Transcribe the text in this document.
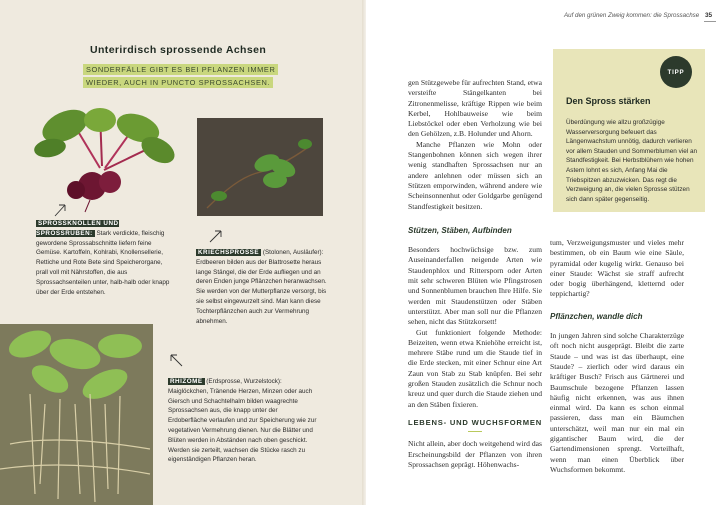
Unterirdisch sprossende Achsen
SONDERFÄLLE GIBT ES BEI PFLANZEN IMMER WIEDER, AUCH IN PUNCTO SPROSSACHSEN.
SPROSSKNOLLEN UND SPROSSRÜBEN: Stark verdickte, fleischig gewordene Sprossabschnitte liefern feine Gemüse. Kartoffeln, Kohlrabi, Knollensellerie, Rettiche und Rote Bete sind Speicherorgane, prall voll mit Nährstoffen, die aus Sprossachsenteilen unter, halb-halb oder knapp über der Erde entstehen.
KRIECHSPROSSE (Stolonen, Ausläufer): Erdbeeren bilden aus der Blattrosette heraus lange Stängel, die der Erde aufliegen und an deren Enden junge Pflänzchen heranwachsen. Sie werden von der Mutterpflanze versorgt, bis sie selbst eingewurzelt sind. Man kann diese Tochterpflänzchen auch zur Vermehrung abnehmen.
RHIZOME (Erdsprosse, Wurzelstock): Maiglöckchen, Tränende Herzen, Minzen oder auch Giersch und Schachtelhalm bilden waagrechte Sprossachsen aus, die knapp unter der Erdoberfläche verlaufen und zur Speicherung wie zur vegetativen Vermehrung dienen. Nur die Blätter und Blüten werden in Abständen nach oben geschickt. Werden sie zerteilt, wachsen die Stücke rasch zu eigenständigen Pflanzen heran.
Auf den grünen Zweig kommen: die Sprossachse 35

gen Stützgewebe für aufrechten Stand, etwa versteifte Stängelkanten bei Zitronenmelisse, kräftige Rippen wie beim Kerbel, Hohlbauweise wie beim Liebstöckel oder eben Verholzung wie bei den Gehölzen, z.B. Holunder und Ahorn.

Manche Pflanzen wie Mohn oder Stangenbohnen können sich wegen ihrer wenig standhaften Sprossachsen nur an andere anlehnen oder müssen sich an Stützen emporwinden, während andere wie Scheinsonnenhut oder Goldgarbe genügend Standfestigkeit besitzen.

Stützen, Stäben, Aufbinden

Besonders hochwüchsige bzw. zum Auseinanderfallen neigende Arten wie Staudenphlox und Rittersporn oder Arten mit sehr schweren Blüten wie Pfingstrosen und Sonnenblumen brauchen Ihre Hilfe. Sie werden mit Staudenstützen oder Stäben unterstützt. Aber man soll nur die Pflanzen sehen, nicht das Stützkorsett!

Gut funktioniert folgende Methode: Beizeiten, wenn etwa Kniehöhe erreicht ist, mehrere Stäbe rund um die Staude tief in die Erde stecken, mit einer Schnur eine Art Zaun von Stab zu Stab knüpfen. Bei sehr großen Stauden zusätzlich die Schnur noch kreuz und quer durch die Staude ziehen und an den Stäben fixieren.

LEBENS- UND WUCHSFORMEN

Nicht allein, aber doch weitgehend wird das Erscheinungsbild der Pflanzen von ihren Sprossachsen geprägt. Höhenwachs-

tum, Verzweigungsmuster und vieles mehr bestimmen, ob ein Baum wie eine Säule, pyramidal oder kugelig wirkt. Genauso bei einer Staude: Wächst sie straff aufrecht oder bogig überhängend, kletternd oder teppichartig?

Pflänzchen, wandle dich

In jungen Jahren sind solche Charakterzüge oft noch nicht ausgeprägt. Bleibt die zarte Staude – und was ist das überhaupt, eine Staude? – zierlich oder wird daraus ein kräftiger Busch? Frisch aus Gärtnerei und Baumschule bezogene Pflanzen lassen häufig nicht erkennen, was aus ihnen einmal wird. Da kann es schon einmal passieren, dass man ein Bäumchen unterschätzt, weil man nur ein mal ein gigantischer Baum wird, die der Gartendimensionen sprengt. Vorteilhaft, wenn man einen Überblick über Wuchsformen bekommt.

TIPP
Den Spross stärken
Überdüngung wie allzu großzügige Wasserversorgung befeuert das Längenwachstum unnötig, dadurch verlieren vor allem Stauden und Sommerblumen viel an Standfestigkeit. Bei Herbstblühern wie hohen Astern lohnt es sich, Anfang Mai die Triebspitzen abzuzwicken. Das regt die Verzweigung an, die vielen Sprosse stützen sich dann später gegenseitig.
